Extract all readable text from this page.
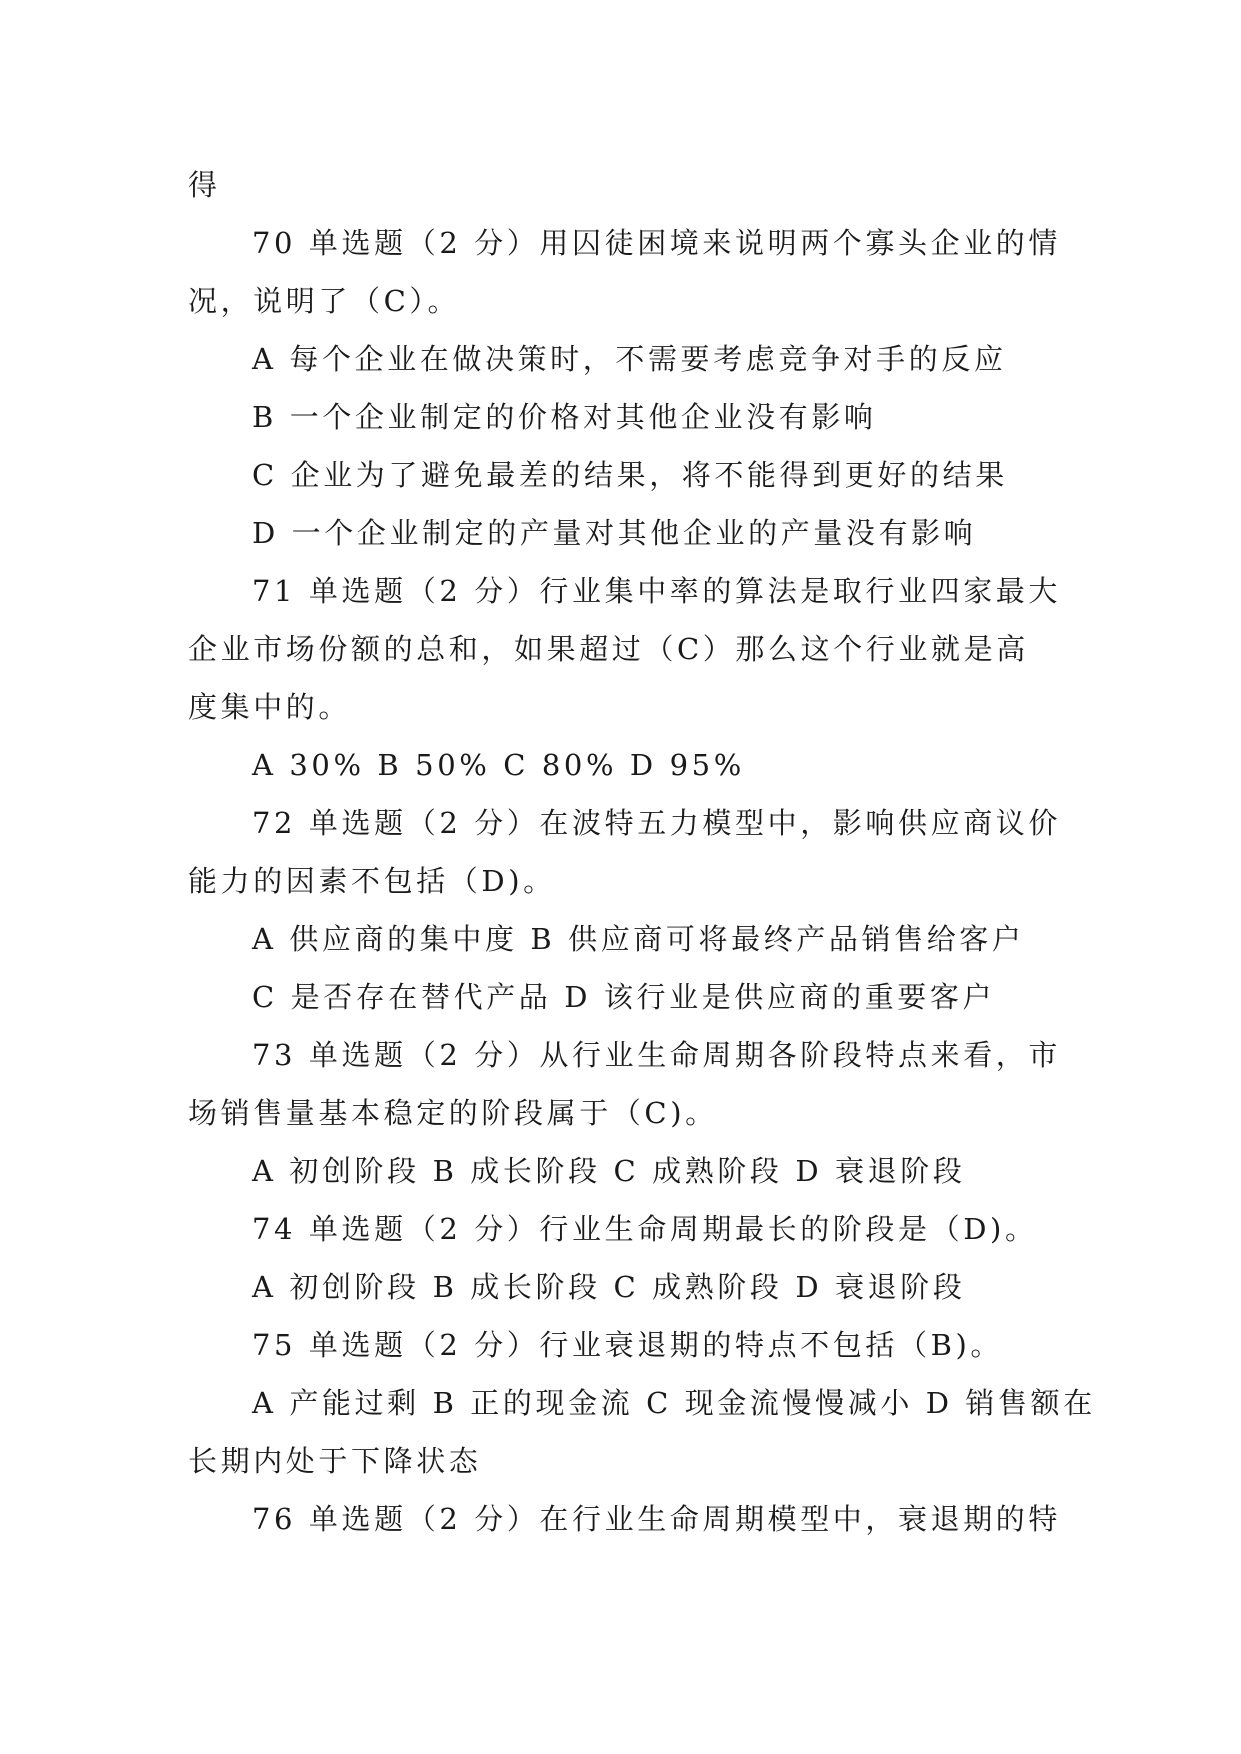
得
70 单选题（2 分）用囚徒困境来说明两个寡头企业的情
况，说明了（C）。
A 每个企业在做决策时，不需要考虑竞争对手的反应
B 一个企业制定的价格对其他企业没有影响
C 企业为了避免最差的结果，将不能得到更好的结果
D 一个企业制定的产量对其他企业的产量没有影响
71 单选题（2 分）行业集中率的算法是取行业四家最大
企业市场份额的总和，如果超过（C）那么这个行业就是高
度集中的。
A 30% B 50% C 80% D 95%
72 单选题（2 分）在波特五力模型中，影响供应商议价
能力的因素不包括（D)。
A 供应商的集中度 B 供应商可将最终产品销售给客户
C 是否存在替代产品 D 该行业是供应商的重要客户
73 单选题（2 分）从行业生命周期各阶段特点来看，市
场销售量基本稳定的阶段属于（C)。
A 初创阶段 B 成长阶段 C 成熟阶段 D 衰退阶段
74 单选题（2 分）行业生命周期最长的阶段是（D)。
A 初创阶段 B 成长阶段 C 成熟阶段 D 衰退阶段
75 单选题（2 分）行业衰退期的特点不包括（B)。
A 产能过剩 B 正的现金流 C 现金流慢慢减小 D 销售额在
长期内处于下降状态
76 单选题（2 分）在行业生命周期模型中，衰退期的特
